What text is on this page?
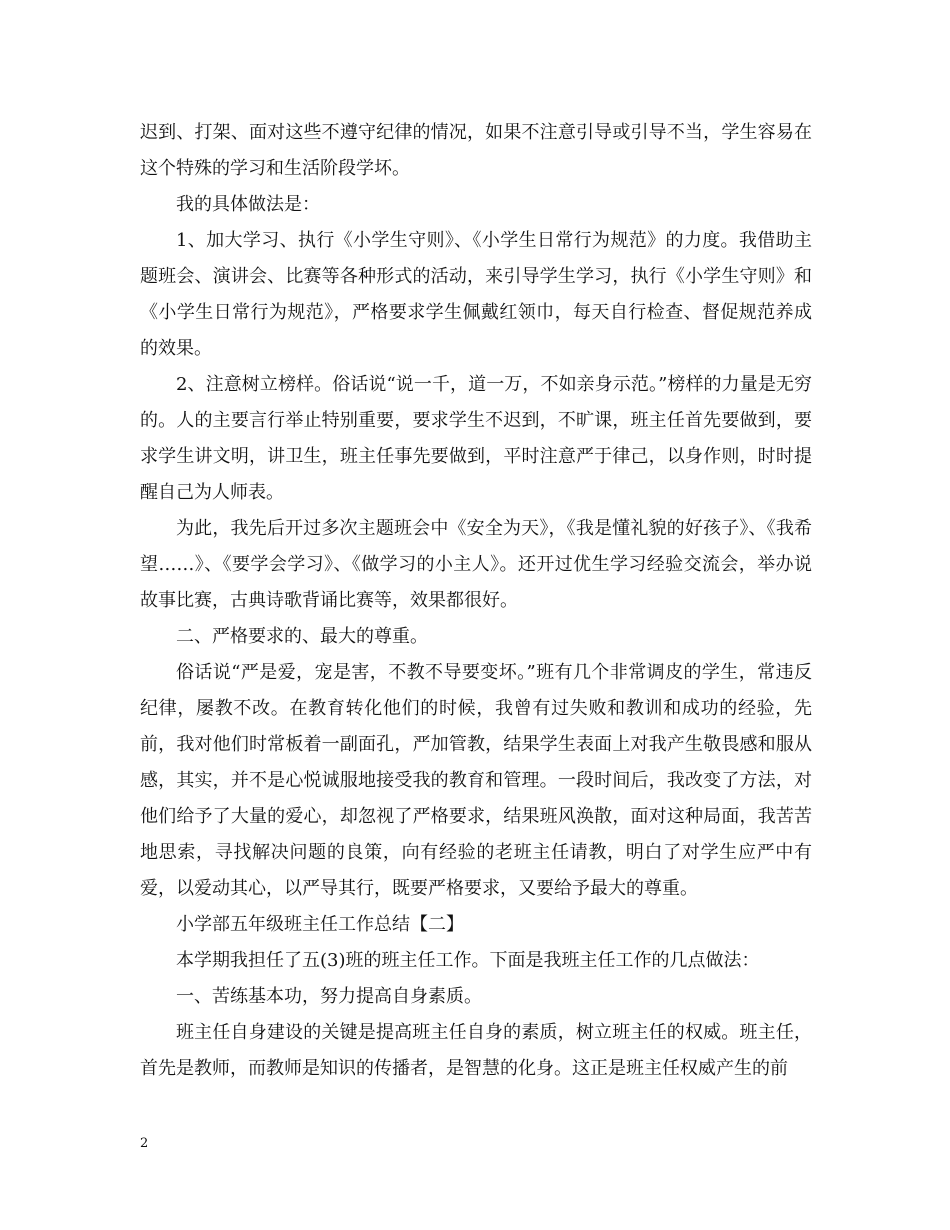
迟到、打架、面对这些不遵守纪律的情况，如果不注意引导或引导不当，学生容易在这个特殊的学习和生活阶段学坏。

我的具体做法是：

1、加大学习、执行《小学生守则》、《小学生日常行为规范》的力度。我借助主题班会、演讲会、比赛等各种形式的活动，来引导学生学习，执行《小学生守则》和《小学生日常行为规范》，严格要求学生佩戴红领巾，每天自行检查、督促规范养成的效果。

2、注意树立榜样。俗话说“说一千，道一万，不如亲身示范。”榜样的力量是无穷的。人的主要言行举止特别重要，要求学生不迟到，不旷课，班主任首先要做到，要求学生讲文明，讲卫生，班主任事先要做到，平时注意严于律己，以身作则，时时提醒自己为人师表。

为此，我先后开过多次主题班会中《安全为天》，《我是懂礼貌的好孩子》、《我希望……》、《要学会学习》、《做学习的小主人》。还开过优生学习经验交流会，举办说故事比赛，古典诗歌背诵比赛等，效果都很好。

二、严格要求的、最大的尊重。

俗话说“严是爱，宠是害，不教不导要变坏。”班有几个非常调皮的学生，常违反纪律，屡教不改。在教育转化他们的时候，我曾有过失败和教训和成功的经验，先前，我对他们时常板着一副面孔，严加管教，结果学生表面上对我产生敬畏感和服从感，其实，并不是心悦诚服地接受我的教育和管理。一段时间后，我改变了方法，对他们给予了大量的爱心，却忽视了严格要求，结果班风涣散，面对这种局面，我苦苦地思索，寻找解决问题的良策，向有经验的老班主任请教，明白了对学生应严中有爱，以爱动其心，以严导其行，既要严格要求，又要给予最大的尊重。

小学部五年级班主任工作总结【二】

本学期我担任了五(3)班的班主任工作。下面是我班主任工作的几点做法：

一、苦练基本功，努力提高自身素质。

班主任自身建设的关键是提高班主任自身的素质，树立班主任的权威。班主任，首先是教师，而教师是知识的传播者，是智慧的化身。这正是班主任权威产生的前

2
